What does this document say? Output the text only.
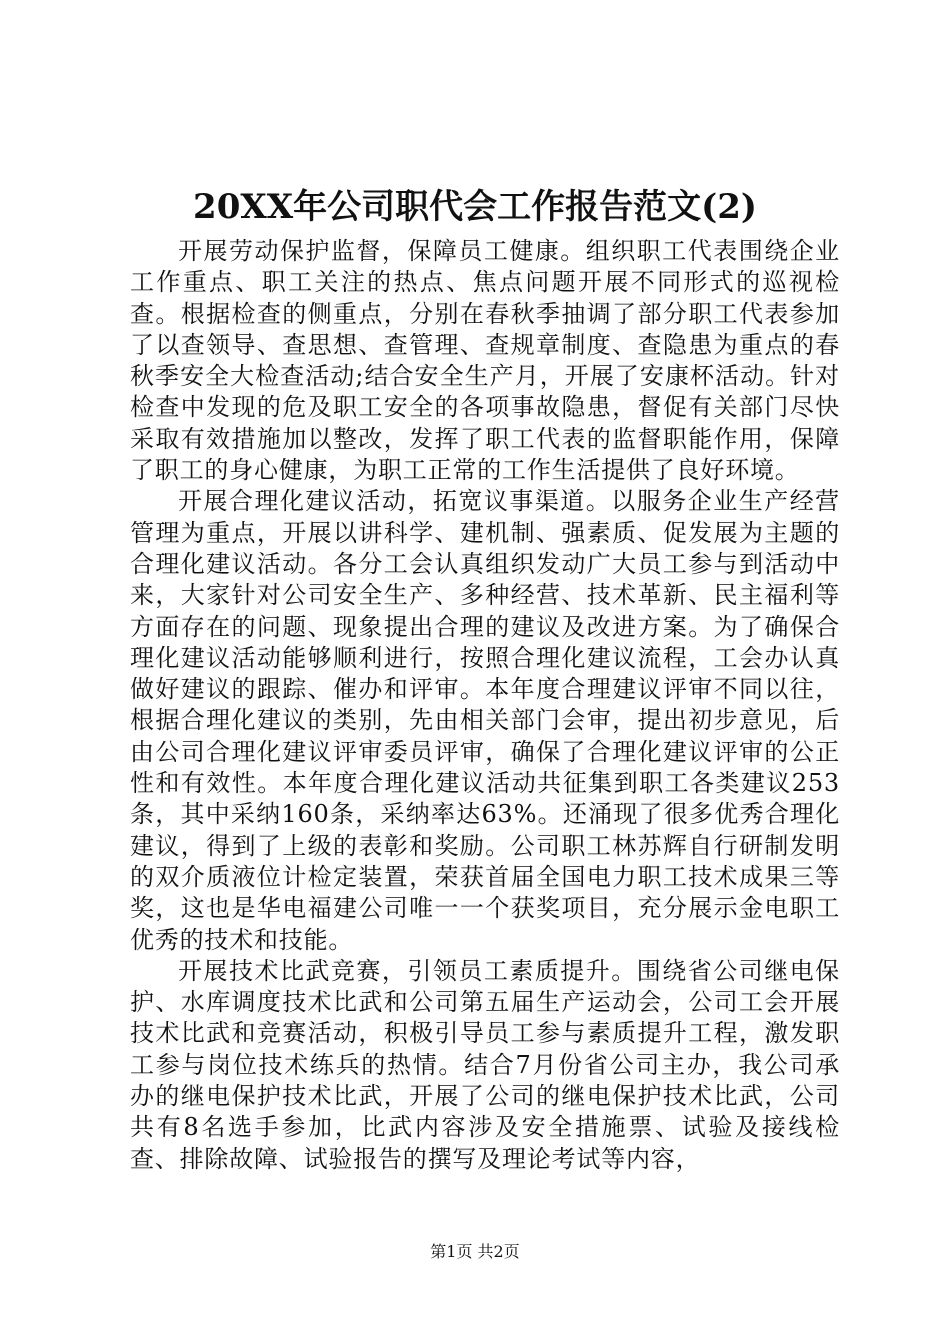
20XX年公司职代会工作报告范文(2)

开展劳动保护监督，保障员工健康。组织职工代表围绕企业工作重点、职工关注的热点、焦点问题开展不同形式的巡视检查。根据检查的侧重点，分别在春秋季抽调了部分职工代表参加了以查领导、查思想、查管理、查规章制度、查隐患为重点的春秋季安全大检查活动;结合安全生产月，开展了安康杯活动。针对检查中发现的危及职工安全的各项事故隐患，督促有关部门尽快采取有效措施加以整改，发挥了职工代表的监督职能作用，保障了职工的身心健康，为职工正常的工作生活提供了良好环境。

开展合理化建议活动，拓宽议事渠道。以服务企业生产经营管理为重点，开展以讲科学、建机制、强素质、促发展为主题的合理化建议活动。各分工会认真组织发动广大员工参与到活动中来，大家针对公司安全生产、多种经营、技术革新、民主福利等方面存在的问题、现象提出合理的建议及改进方案。为了确保合理化建议活动能够顺利进行，按照合理化建议流程，工会办认真做好建议的跟踪、催办和评审。本年度合理建议评审不同以往，根据合理化建议的类别，先由相关部门会审，提出初步意见，后由公司合理化建议评审委员评审，确保了合理化建议评审的公正性和有效性。本年度合理化建议活动共征集到职工各类建议253条，其中采纳160条，采纳率达63%。还涌现了很多优秀合理化建议，得到了上级的表彰和奖励。公司职工林苏辉自行研制发明的双介质液位计检定装置，荣获首届全国电力职工技术成果三等奖，这也是华电福建公司唯一一个获奖项目，充分展示金电职工优秀的技术和技能。

开展技术比武竞赛，引领员工素质提升。围绕省公司继电保护、水库调度技术比武和公司第五届生产运动会，公司工会开展技术比武和竞赛活动，积极引导员工参与素质提升工程，激发职工参与岗位技术练兵的热情。结合7月份省公司主办，我公司承办的继电保护技术比武，开展了公司的继电保护技术比武，公司共有8名选手参加，比武内容涉及安全措施票、试验及接线检查、排除故障、试验报告的撰写及理论考试等内容，

第1页 共2页
